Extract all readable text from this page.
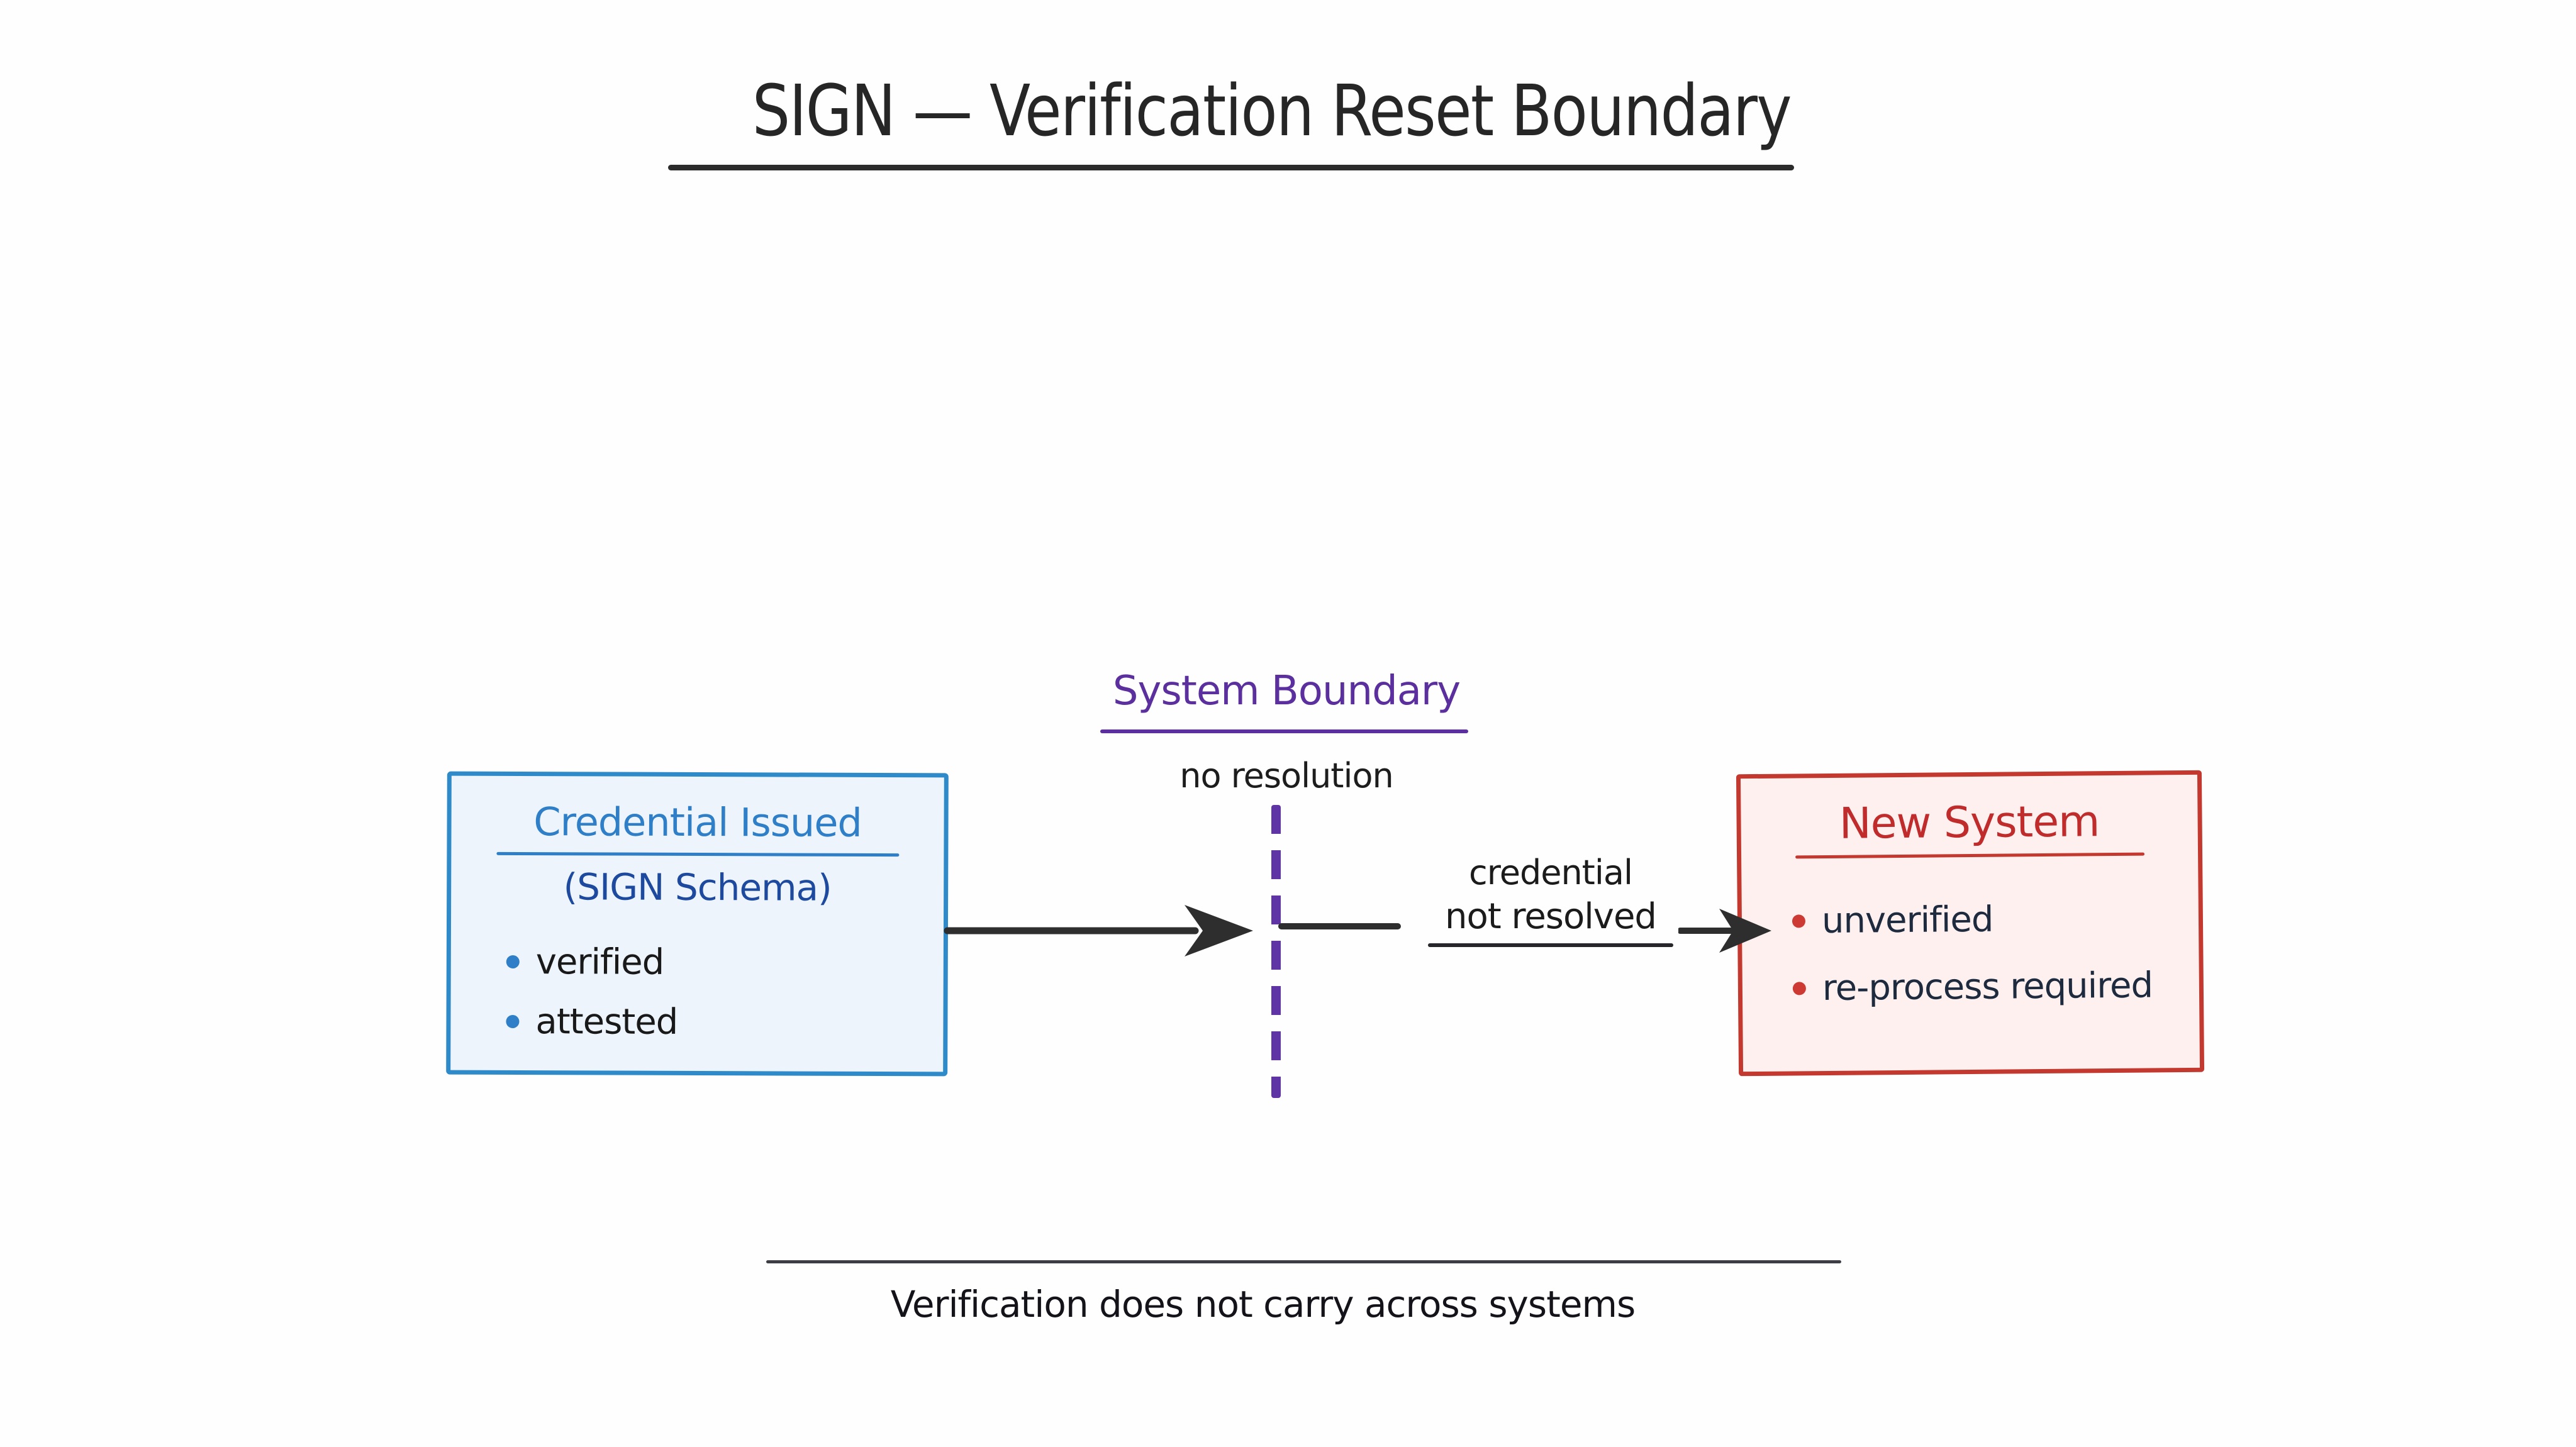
SIGN — Verification Reset Boundary
Credential Issued
(SIGN Schema)
verified
attested
System Boundary
no resolution
credential
not resolved
New System
unverified
re-process required
Verification does not carry across systems
